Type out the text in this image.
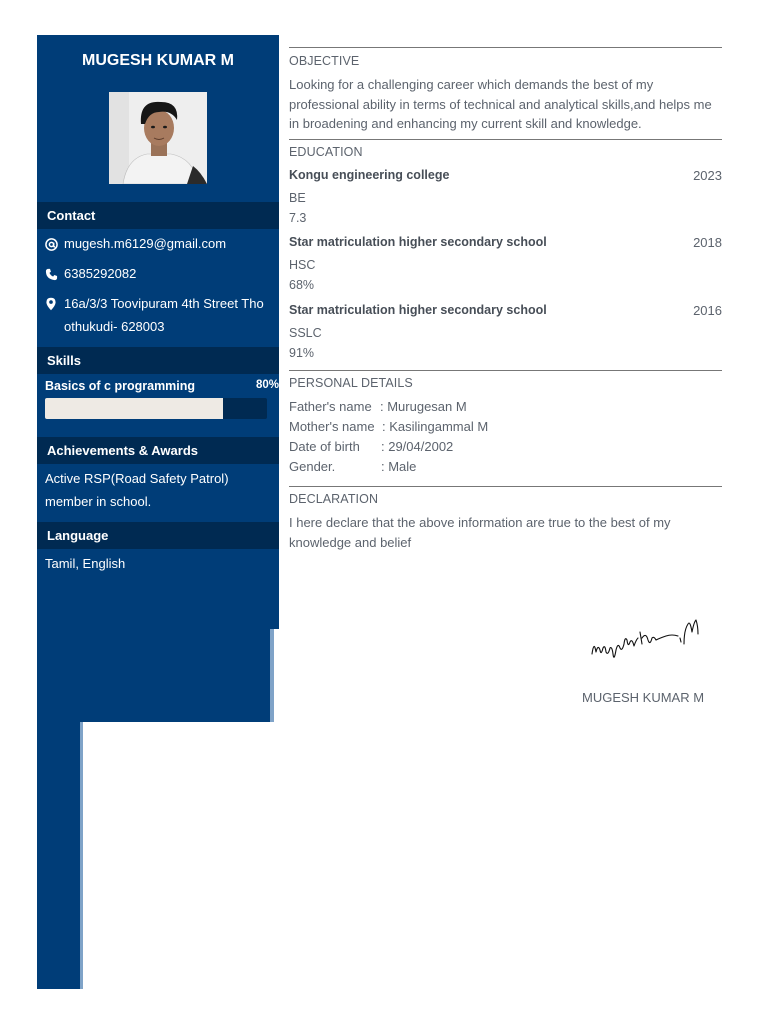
MUGESH KUMAR M
Contact
mugesh.m6129@gmail.com
6385292082
16a/3/3 Toovipuram 4th Street Tho
othukudi- 628003
Skills
Basics of c programming	80%
Achievements & Awards
Active RSP(Road Safety Patrol)
member in school.
Language
Tamil, English
OBJECTIVE
Looking for a challenging career which demands the best of my professional ability in terms of technical and analytical skills,and helps me in broadening and enhancing my current skill and knowledge.
EDUCATION
Kongu engineering college	2023
BE
7.3
Star matriculation higher secondary school	2018
HSC
68%
Star matriculation higher secondary school	2016
SSLC
91%
PERSONAL DETAILS
Father's name : Murugesan M
Mother's name : Kasilingammal M
Date of birth : 29/04/2002
Gender.	: Male
DECLARATION
I here declare that the above information are true to the best of my knowledge and belief
MUGESH KUMAR M
